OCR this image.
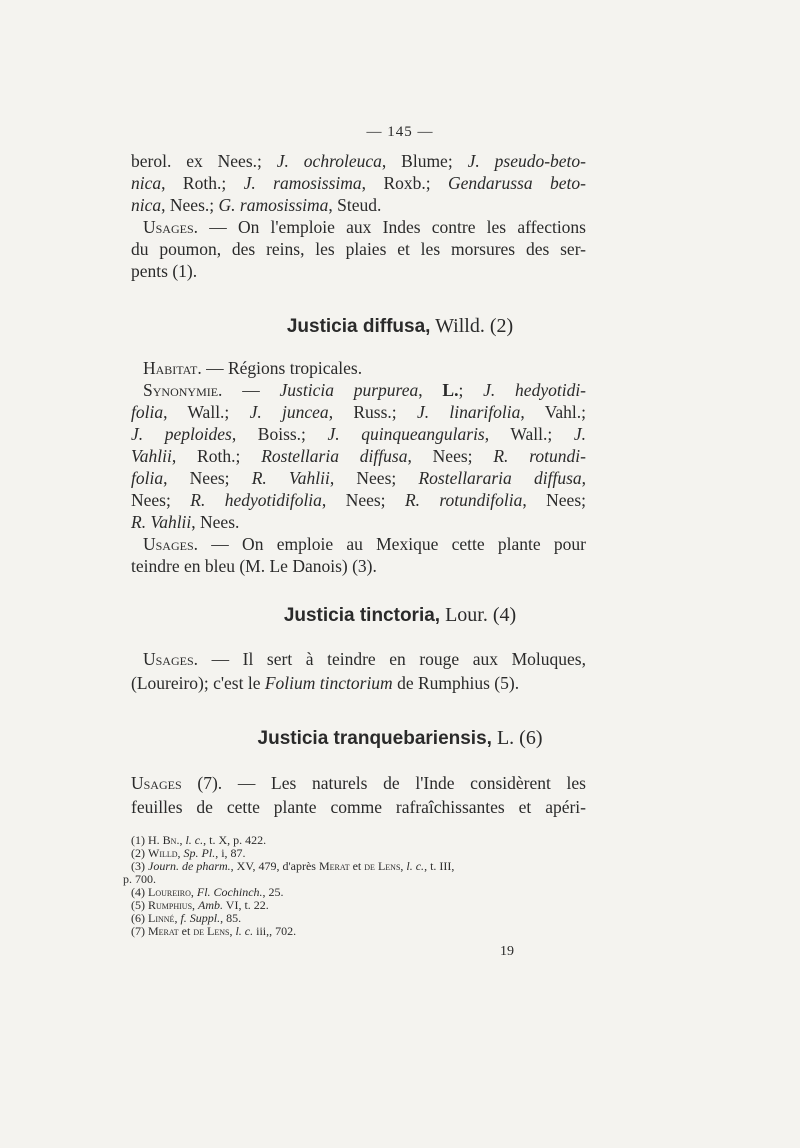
— 145 —
berol. ex Nees.; J. ochroleuca, Blume; J. pseudo-beto-
nica, Roth.; J. ramosissima, Roxb.; Gendarussa beto-
nica, Nees.; G. ramosissima, Steud.
Usages. — On l'emploie aux Indes contre les affections
du poumon, des reins, les plaies et les morsures des ser-
pents (1).
Justicia diffusa, Willd. (2)
Habitat. — Régions tropicales.
Synonymie. — Justicia purpurea, L.; J. hedyotidi-
folia, Wall.; J. juncea, Russ.; J. linarifolia, Vahl.;
J. peploides, Boiss.; J. quinqueangularis, Wall.; J.
Vahlii, Roth.; Rostellaria diffusa, Nees; R. rotundi-
folia, Nees; R. Vahlii, Nees; Rostellararia diffusa,
Nees; R. hedyotidifolia, Nees; R. rotundifolia, Nees;
R. Vahlii, Nees.
Usages. — On emploie au Mexique cette plante pour
teindre en bleu (M. Le Danois) (3).
Justicia tinctoria, Lour. (4)
Usages. — Il sert à teindre en rouge aux Moluques,
(Loureiro); c'est le Folium tinctorium de Rumphius (5).
Justicia tranquebariensis, L. (6)
Usages (7). — Les naturels de l'Inde considèrent les
feuilles de cette plante comme rafraîchissantes et apéri-
(1) H. Bn., l. c., t. X, p. 422.
(2) Willd, Sp. Pl., i, 87.
(3) Journ. de pharm., XV, 479, d'après Merat et de Lens, l. c., t. III,
p. 700.
(4) Loureiro, Fl. Cochinch., 25.
(5) Rumphius, Amb. VI, t. 22.
(6) Linné, f. Suppl., 85.
(7) Merat et de Lens, l. c. iii,, 702.
19
